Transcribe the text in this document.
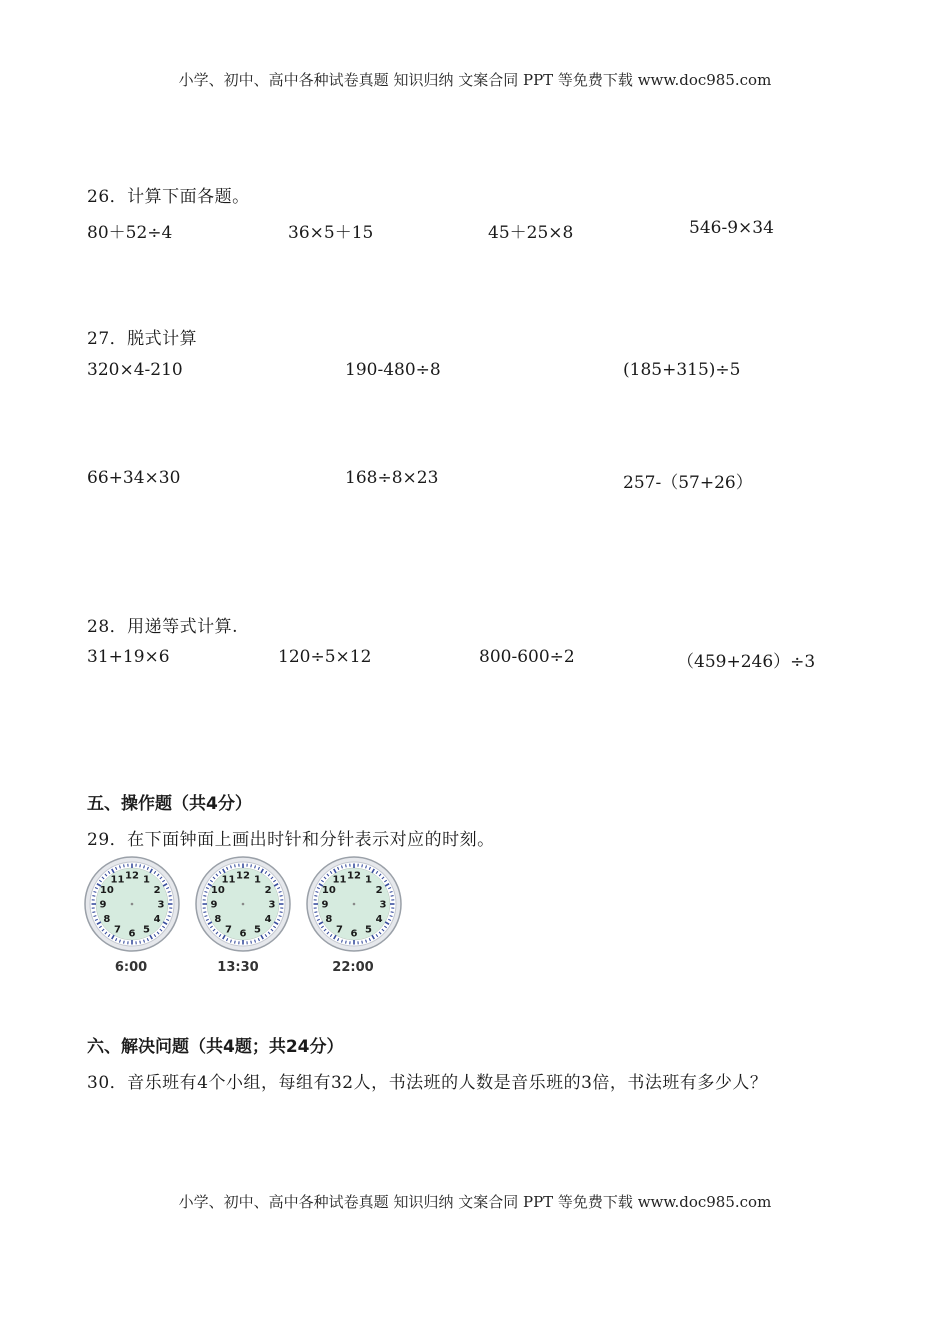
小学、初中、高中各种试卷真题 知识归纳 文案合同 PPT 等免费下载 www.doc985.com
26．计算下面各题。
80＋52÷4	36×5＋15	45＋25×8	546-9×34
27．脱式计算
320×4-210	190-480÷8	(185+315)÷5
66+34×30	168÷8×23	257-（57+26）
28．用递等式计算.
31+19×6	120÷5×12	800-600÷2	（459+246）÷3
五、操作题（共4分）
29．在下面钟面上画出时针和分针表示对应的时刻。
12 1
2
3
4
5
6
7
8
9
10
11	12 1
2
3
4
5
6
7
8
9
10
11	12 1
2
3
4
5
6
7
8
9
10
11
6:00	13:30	22:00
六、解决问题（共4题；共24分）
30．音乐班有4个小组，每组有32人，书法班的人数是音乐班的3倍，书法班有多少人？
小学、初中、高中各种试卷真题 知识归纳 文案合同 PPT 等免费下载 www.doc985.com
